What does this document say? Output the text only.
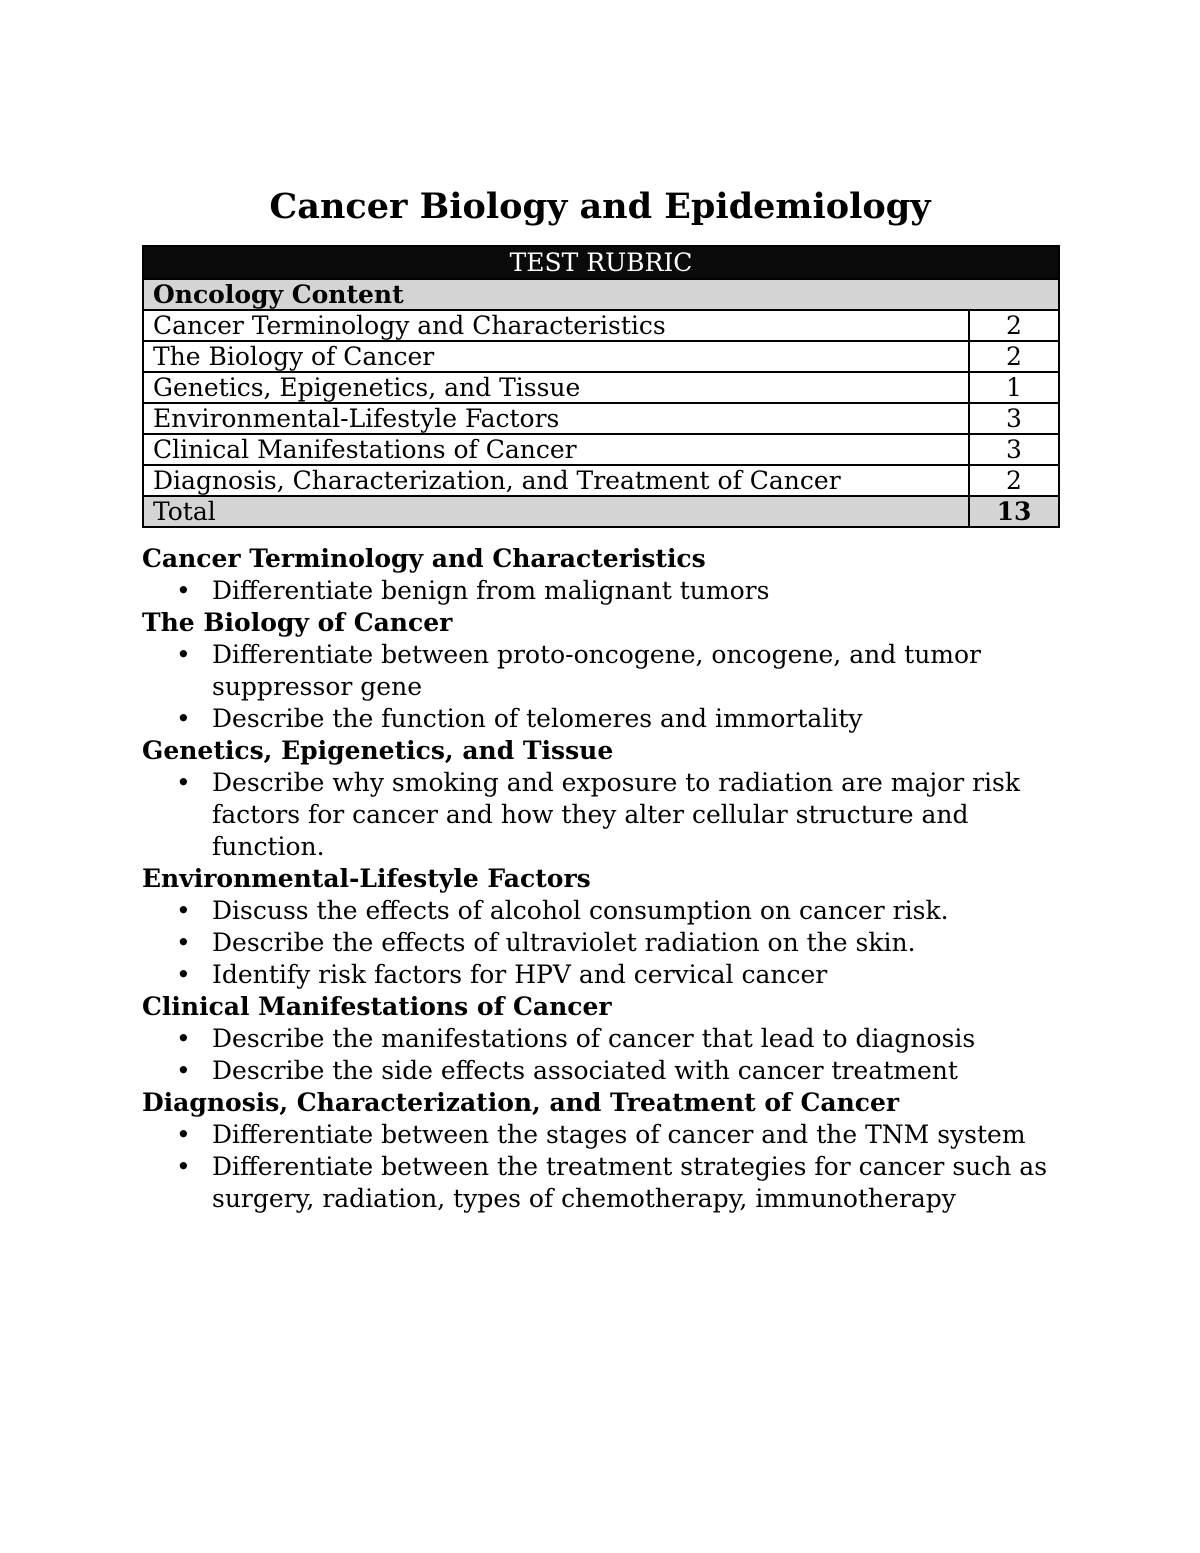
Cancer Biology and Epidemiology
TEST RUBRIC	
Oncology Content	
Cancer Terminology and Characteristics	2
The Biology of Cancer	2
Genetics, Epigenetics, and Tissue	1
Environmental-Lifestyle Factors	3
Clinical Manifestations of Cancer	3
Diagnosis, Characterization, and Treatment of Cancer	2
Total	13

Cancer Terminology and Characteristics

• Differentiate benign from malignant tumors

The Biology of Cancer

• Differentiate between proto-oncogene, oncogene, and tumor suppressor gene
• Describe the function of telomeres and immortality

Genetics, Epigenetics, and Tissue

• Describe why smoking and exposure to radiation are major risk factors for cancer and how they alter cellular structure and function.

Environmental-Lifestyle Factors

• Discuss the effects of alcohol consumption on cancer risk.
• Describe the effects of ultraviolet radiation on the skin.
• Identify risk factors for HPV and cervical cancer

Clinical Manifestations of Cancer

• Describe the manifestations of cancer that lead to diagnosis
• Describe the side effects associated with cancer treatment

Diagnosis, Characterization, and Treatment of Cancer

• Differentiate between the stages of cancer and the TNM system
• Differentiate between the treatment strategies for cancer such as surgery, radiation, types of chemotherapy, immunotherapy
